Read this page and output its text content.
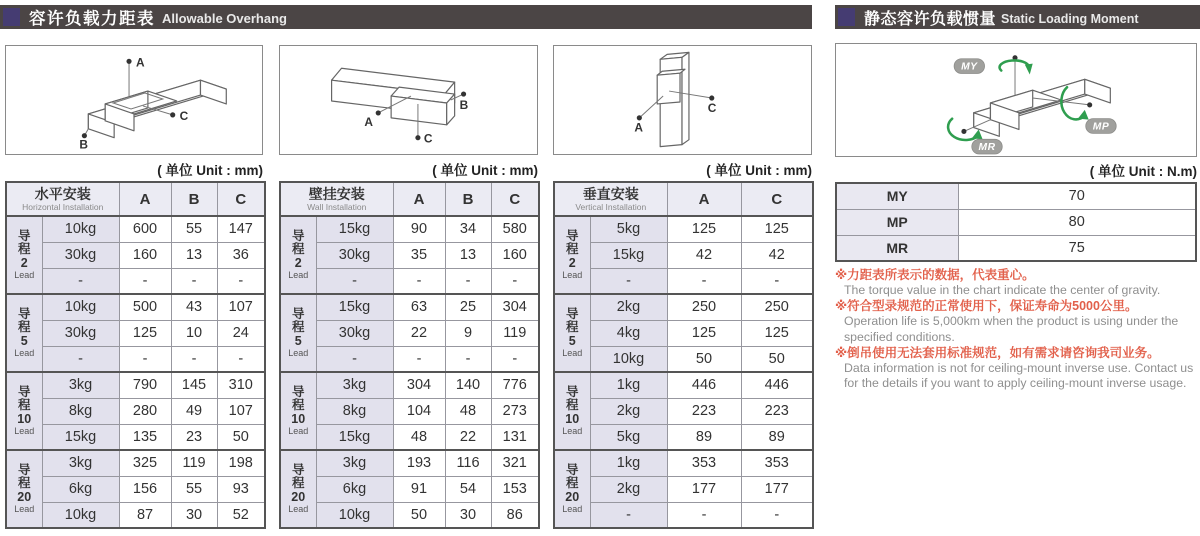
容许负载力距表 Allowable Overhang	静态容许负载惯量 Static Loading Moment
A
C
B
A
C
B
A
C
MY
MP
MR
( 单位 Unit : mm)	( 单位 Unit : mm)	( 单位 Unit : mm)	( 单位 Unit : N.m)
水平安装
Horizontal Installation		A	B	C

导
程
2
Lead	10kg	600	55	147
	30kg	160	13	36
	-	-	-	-

导
程
5
Lead	10kg	500	43	107
	30kg	125	10	24
	-	-	-	-

导
程
10
Lead	3kg	790	145	310
	8kg	280	49	107
	15kg	135	23	50

导
程
20
Lead	3kg	325	119	198
	6kg	156	55	93
	10kg	87	30	52
壁挂安装
Wall Installation		A	B	C

导
程
2
Lead	15kg	90	34	580
	30kg	35	13	160
	-	-	-	-

导
程
5
Lead	15kg	63	25	304
	30kg	22	9	119
	-	-	-	-

导
程
10
Lead	3kg	304	140	776
	8kg	104	48	273
	15kg	48	22	131

导
程
20
Lead	3kg	193	116	321
	6kg	91	54	153
	10kg	50	30	86
垂直安装
Vertical Installation		A	C

导
程
2
Lead	5kg	125	125
	15kg	42	42
	-	-	-

导
程
5
Lead	2kg	250	250
	4kg	125	125
	10kg	50	50

导
程
10
Lead	1kg	446	446
	2kg	223	223
	5kg	89	89

导
程
20
Lead	1kg	353	353
	2kg	177	177
	-	-	-
MY	70
MP	80
MR	75
※力距表所表示的数据，代表重心。
The torque value in the chart indicate the center of gravity.
※符合型录规范的正常使用下，保证寿命为5000公里。
Operation life is 5,000km when the product is using under the specified conditions.
※倒吊使用无法套用标准规范，如有需求请咨询我司业务。
Data information is not for ceiling-mount inverse use. Contact us for the details if you want to apply ceiling-mount inverse usage.
